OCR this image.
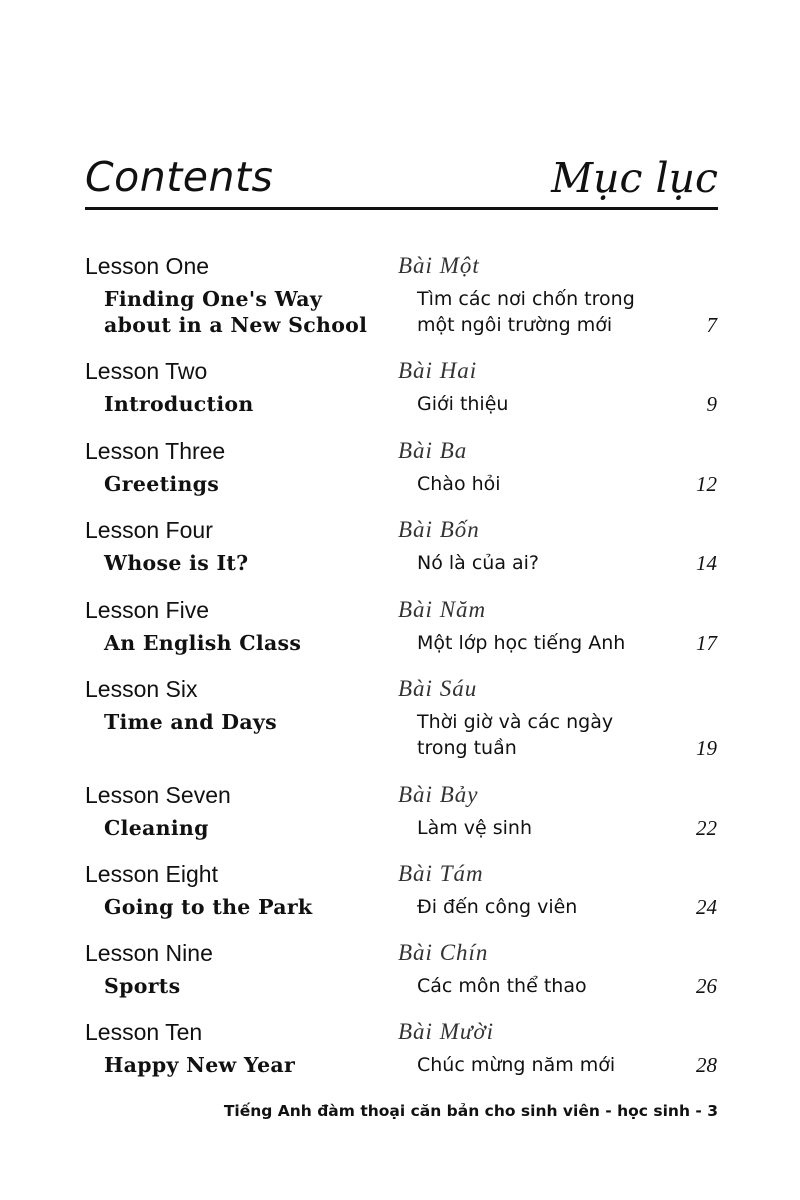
Contents	Mục lục
Lesson One	Bài Một
Finding One's Way about in a New School
Tìm các nơi chốn trong một ngôi trường mới	7
Lesson Two	Bài Hai
Introduction	Giới thiệu	9
Lesson Three	Bài Ba
Greetings	Chào hỏi	12
Lesson Four	Bài Bốn
Whose is It?	Nó là của ai?	14
Lesson Five	Bài Năm
An English Class	Một lớp học tiếng Anh	17
Lesson Six	Bài Sáu
Time and Days	Thời giờ và các ngày trong tuần	19
Lesson Seven	Bài Bảy
Cleaning	Làm vệ sinh	22
Lesson Eight	Bài Tám
Going to the Park	Đi đến công viên	24
Lesson Nine	Bài Chín
Sports	Các môn thể thao	26
Lesson Ten	Bài Mười
Happy New Year	Chúc mừng năm mới	28
Tiếng Anh đàm thoại căn bản cho sinh viên - học sinh - 3
